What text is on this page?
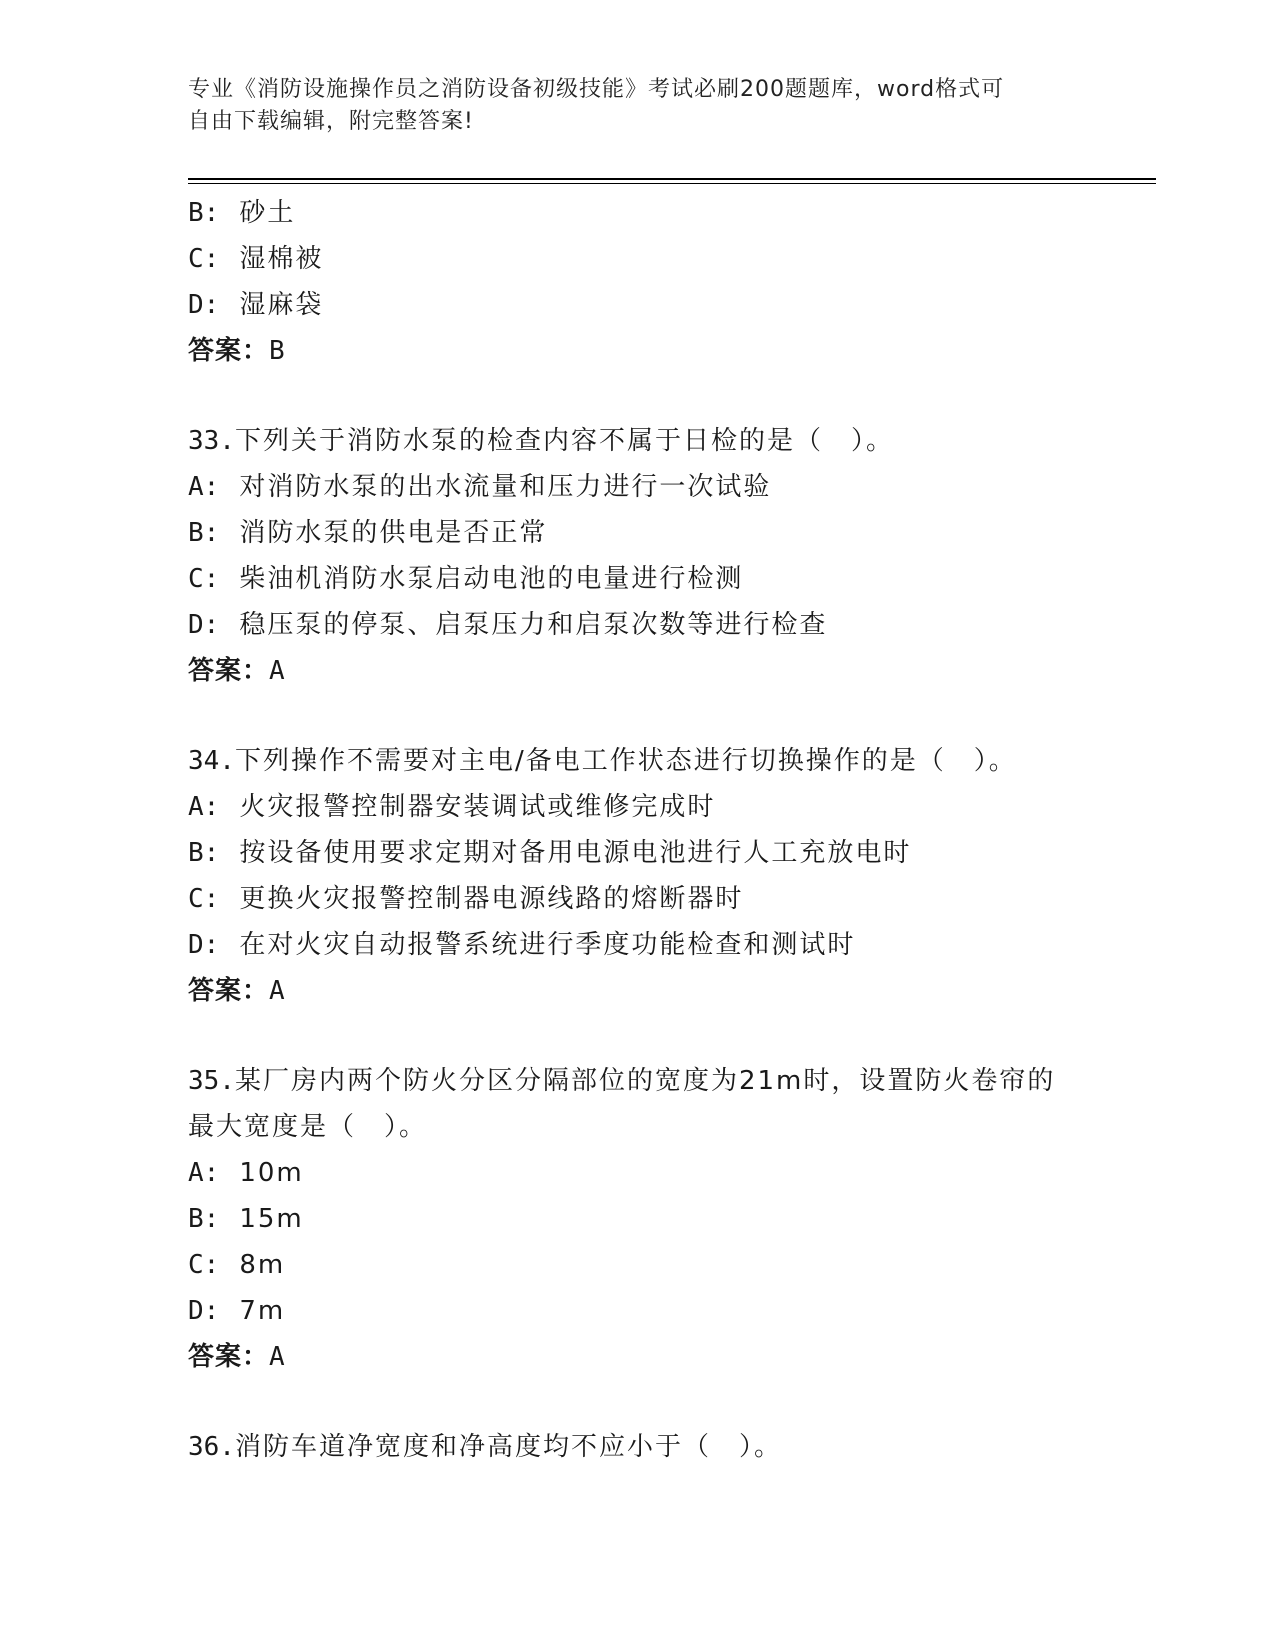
专业《消防设施操作员之消防设备初级技能》考试必刷200题题库，word格式可
自由下载编辑，附完整答案!
B: 砂土
C: 湿棉被
D: 湿麻袋
答案：B
33.下列关于消防水泵的检查内容不属于日检的是（　）。
A: 对消防水泵的出水流量和压力进行一次试验
B: 消防水泵的供电是否正常
C: 柴油机消防水泵启动电池的电量进行检测
D: 稳压泵的停泵、启泵压力和启泵次数等进行检查
答案：A
34.下列操作不需要对主电/备电工作状态进行切换操作的是（　）。
A: 火灾报警控制器安装调试或维修完成时
B: 按设备使用要求定期对备用电源电池进行人工充放电时
C: 更换火灾报警控制器电源线路的熔断器时
D: 在对火灾自动报警系统进行季度功能检查和测试时
答案：A
35.某厂房内两个防火分区分隔部位的宽度为21m时，设置防火卷帘的
最大宽度是（　）。
A: 10m
B: 15m
C: 8m
D: 7m
答案：A
36.消防车道净宽度和净高度均不应小于（　）。
